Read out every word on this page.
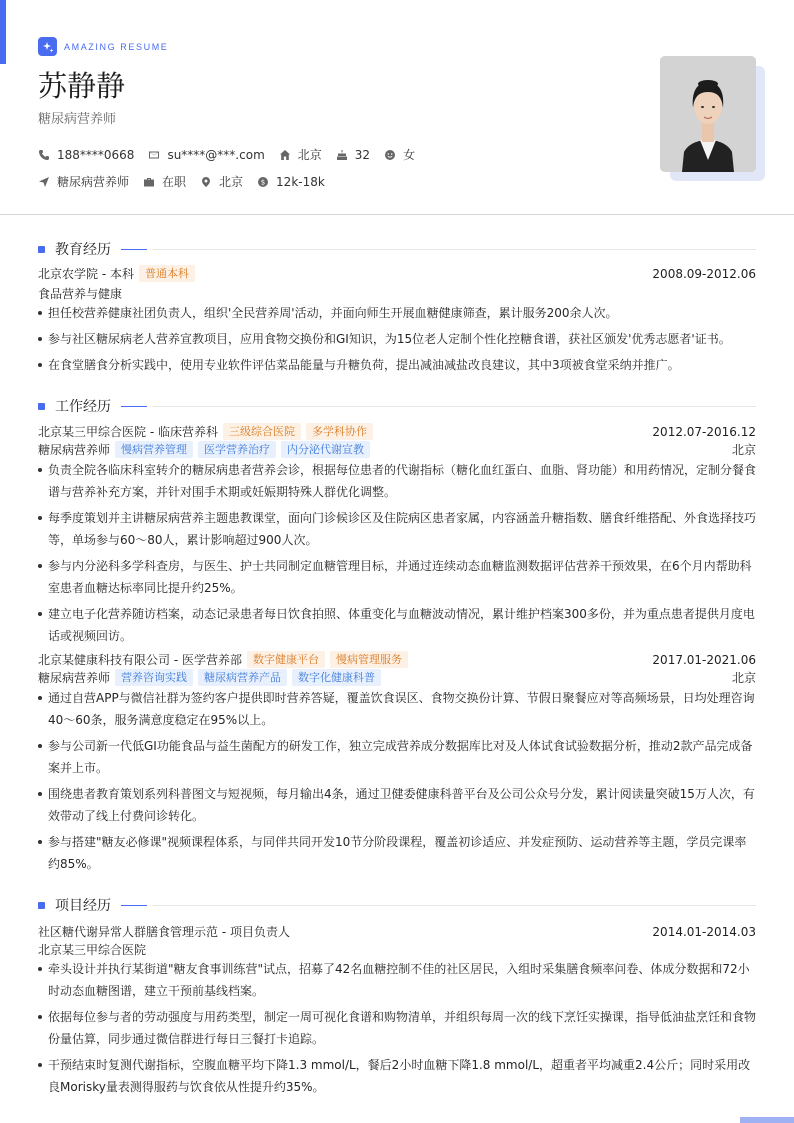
AMAZING RESUME
苏静静
糖尿病营养师
188****0668	su****@***.com	北京	32	女
糖尿病营养师	在职	北京	$ 12k-18k
教育经历
北京农学院 - 本科	普通本科	2008.09-2012.06
食品营养与健康
担任校营养健康社团负责人，组织'全民营养周'活动，并面向师生开展血糖健康筛查，累计服务200余人次。
参与社区糖尿病老人营养宣教项目，应用食物交换份和GI知识，为15位老人定制个性化控糖食谱，获社区颁发'优秀志愿者'证书。
在食堂膳食分析实践中，使用专业软件评估菜品能量与升糖负荷，提出减油减盐改良建议，其中3项被食堂采纳并推广。
工作经历
北京某三甲综合医院 - 临床营养科	三级综合医院	多学科协作	2012.07-2016.12
糖尿病营养师	慢病营养管理	医学营养治疗	内分泌代谢宣教	北京
负责全院各临床科室转介的糖尿病患者营养会诊，根据每位患者的代谢指标（糖化血红蛋白、血脂、肾功能）和用药情况，定制分餐食谱与营养补充方案，并针对围手术期或妊娠期特殊人群优化调整。
每季度策划并主讲糖尿病营养主题患教课堂，面向门诊候诊区及住院病区患者家属，内容涵盖升糖指数、膳食纤维搭配、外食选择技巧等，单场参与60～80人，累计影响超过900人次。
参与内分泌科多学科查房，与医生、护士共同制定血糖管理目标，并通过连续动态血糖监测数据评估营养干预效果，在6个月内帮助科室患者血糖达标率同比提升约25%。
建立电子化营养随访档案，动态记录患者每日饮食拍照、体重变化与血糖波动情况，累计维护档案300多份，并为重点患者提供月度电话或视频回访。
北京某健康科技有限公司 - 医学营养部	数字健康平台	慢病管理服务	2017.01-2021.06
糖尿病营养师	营养咨询实践	糖尿病营养产品	数字化健康科普	北京
通过自营APP与微信社群为签约客户提供即时营养答疑，覆盖饮食误区、食物交换份计算、节假日聚餐应对等高频场景，日均处理咨询40～60条，服务满意度稳定在95%以上。
参与公司新一代低GI功能食品与益生菌配方的研发工作，独立完成营养成分数据库比对及人体试食试验数据分析，推动2款产品完成备案并上市。
围绕患者教育策划系列科普图文与短视频，每月输出4条，通过卫健委健康科普平台及公司公众号分发，累计阅读量突破15万人次，有效带动了线上付费问诊转化。
参与搭建"糖友必修课"视频课程体系，与同伴共同开发10节分阶段课程，覆盖初诊适应、并发症预防、运动营养等主题，学员完课率约85%。
项目经历
社区糖代谢异常人群膳食管理示范 - 项目负责人	2014.01-2014.03
北京某三甲综合医院
牵头设计并执行某街道"糖友食事训练营"试点，招募了42名血糖控制不佳的社区居民，入组时采集膳食频率问卷、体成分数据和72小时动态血糖图谱，建立干预前基线档案。
依据每位参与者的劳动强度与用药类型，制定一周可视化食谱和购物清单，并组织每周一次的线下烹饪实操课，指导低油盐烹饪和食物份量估算，同步通过微信群进行每日三餐打卡追踪。
干预结束时复测代谢指标，空腹血糖平均下降1.3 mmol/L，餐后2小时血糖下降1.8 mmol/L，超重者平均减重2.4公斤；同时采用改良Morisky量表测得服药与饮食依从性提升约35%。
